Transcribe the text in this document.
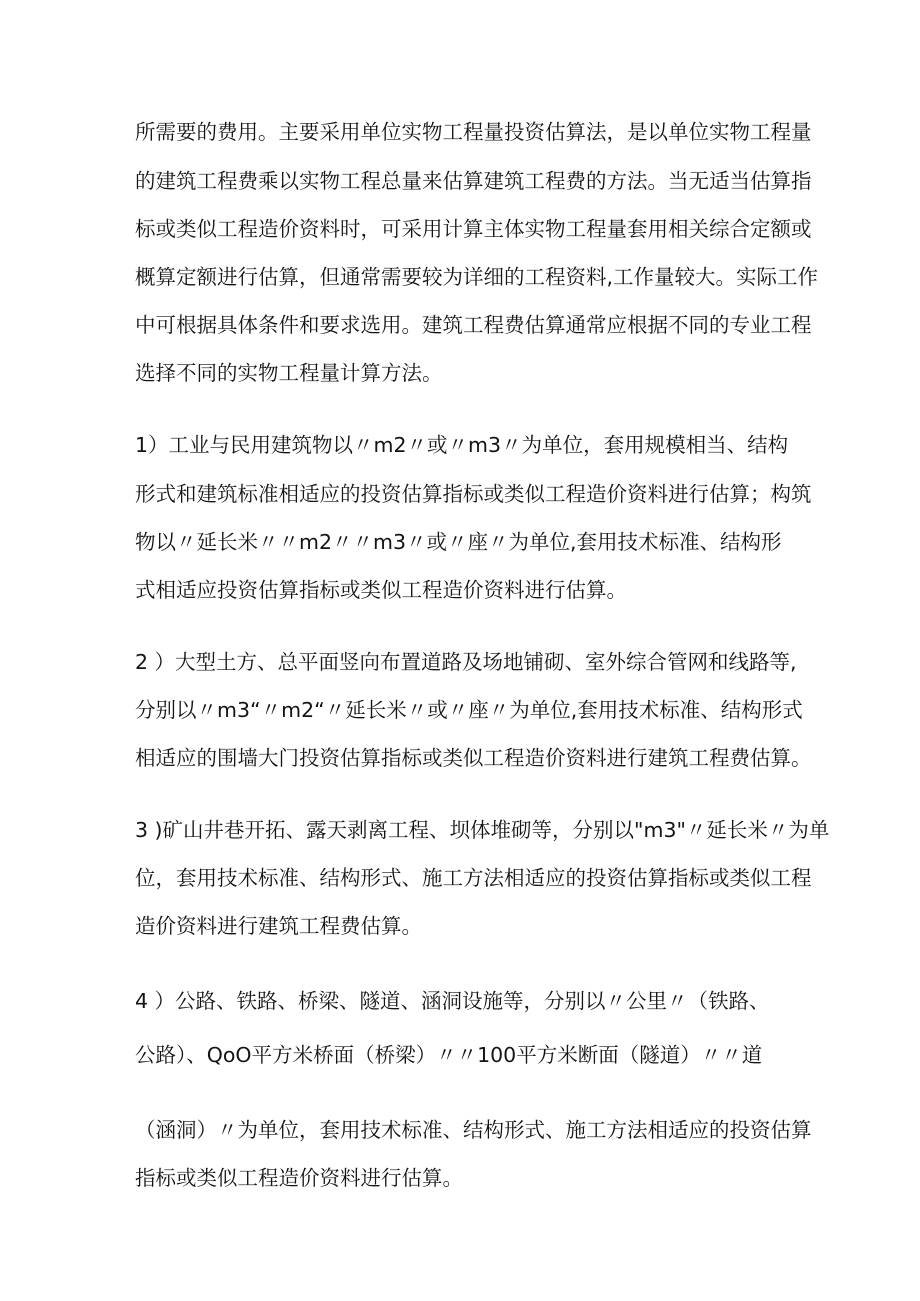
所需要的费用。主要采用单位实物工程量投资估算法，是以单位实物工程量
的建筑工程费乘以实物工程总量来估算建筑工程费的方法。当无适当估算指
标或类似工程造价资料时，可采用计算主体实物工程量套用相关综合定额或
概算定额进行估算，但通常需要较为详细的工程资料,工作量较大。实际工作
中可根据具体条件和要求选用。建筑工程费估算通常应根据不同的专业工程
选择不同的实物工程量计算方法。
1）工业与民用建筑物以〃m2〃或〃m3〃为单位，套用规模相当、结构
形式和建筑标准相适应的投资估算指标或类似工程造价资料进行估算；构筑
物以〃延长米〃〃m2〃〃m3〃或〃座〃为单位,套用技术标准、结构形
式相适应投资估算指标或类似工程造价资料进行估算。
2 ）大型土方、总平面竖向布置道路及场地铺砌、室外综合管网和线路等,
分别以〃m3“〃m2“〃延长米〃或〃座〃为单位,套用技术标准、结构形式
相适应的围墙大门投资估算指标或类似工程造价资料进行建筑工程费估算。
3 )矿山井巷开拓、露天剥离工程、坝体堆砌等，分别以"m3"〃延长米〃为单
位，套用技术标准、结构形式、施工方法相适应的投资估算指标或类似工程
造价资料进行建筑工程费估算。
4 ）公路、铁路、桥梁、隧道、涵洞设施等，分别以〃公里〃（铁路、
公路）、QoO平方米桥面（桥梁）〃〃100平方米断面（隧道）〃〃道
（涵洞）〃为单位，套用技术标准、结构形式、施工方法相适应的投资估算
指标或类似工程造价资料进行估算。
